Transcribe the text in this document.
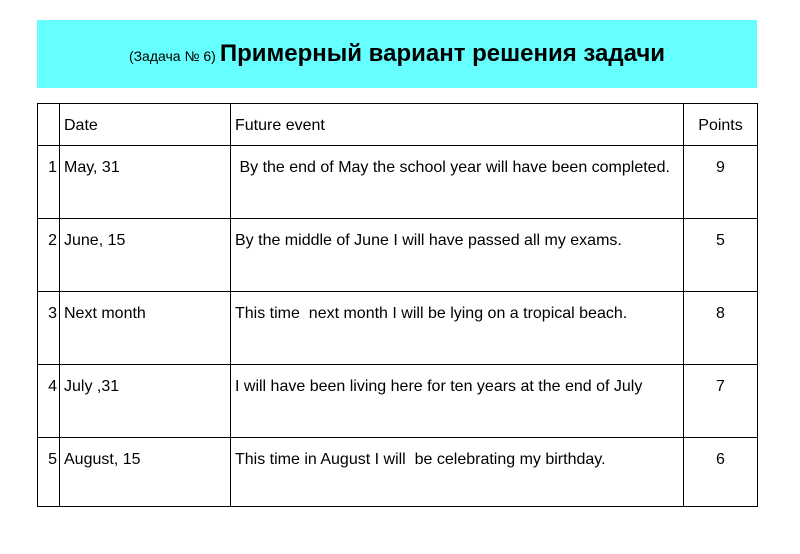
(Задача № 6) Примерный вариант решения задачи
	Date	Future event	Points
1	May, 31	By the end of May the school year will have been completed.	9
2	June, 15	By the middle of June I will have passed all my exams.	5
3	Next month	This time  next month I will be lying on a tropical beach.	8
4	July ,31	I will have been living here for ten years at the end of July	7
5	August, 15	This time in August I will  be celebrating my birthday.	6
